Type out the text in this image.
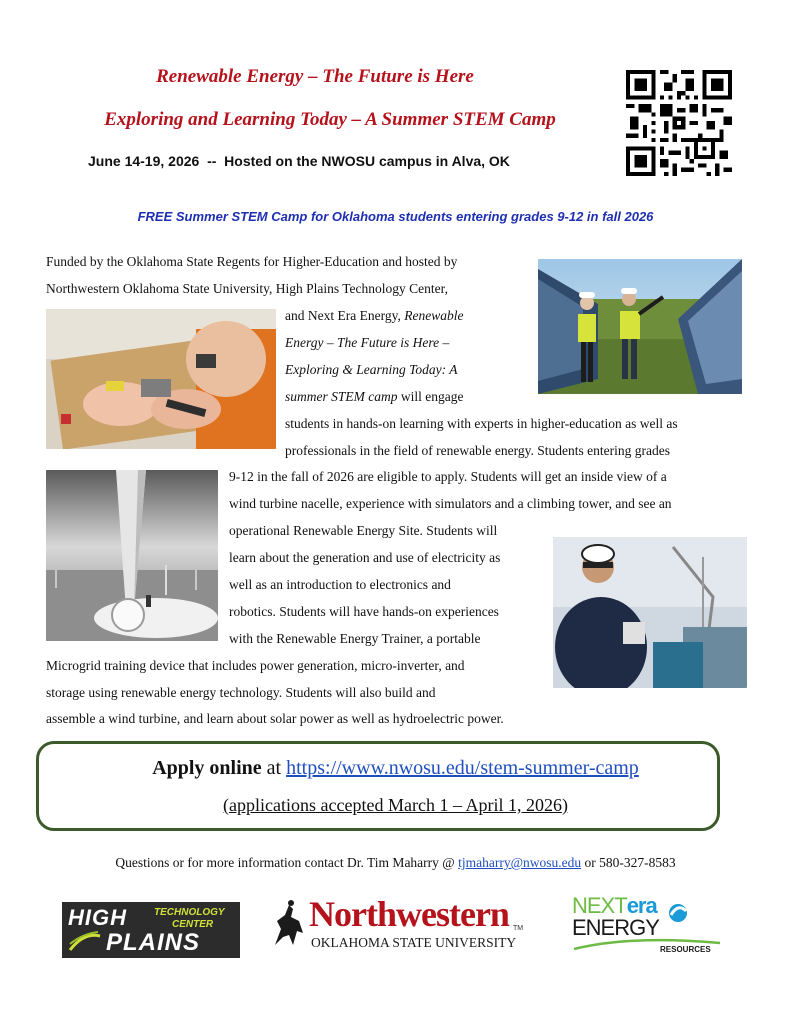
Renewable Energy – The Future is Here
Exploring and Learning Today – A Summer STEM Camp
June 14-19, 2026  --  Hosted on the NWOSU campus in Alva, OK
FREE Summer STEM Camp for Oklahoma students entering grades 9-12 in fall 2026
Funded by the Oklahoma State Regents for Higher-Education and hosted by
Northwestern Oklahoma State University, High Plains Technology Center,
and Next Era Energy, Renewable
Energy – The Future is Here –
Exploring & Learning Today: A
summer STEM camp will engage
students in hands-on learning with experts in higher-education as well as
professionals in the field of renewable energy. Students entering grades
9-12 in the fall of 2026 are eligible to apply. Students will get an inside view of a
wind turbine nacelle, experience with simulators and a climbing tower, and see an
operational Renewable Energy Site. Students will
learn about the generation and use of electricity as
well as an introduction to electronics and
robotics. Students will have hands-on experiences
with the Renewable Energy Trainer, a portable
Microgrid training device that includes power generation, micro-inverter, and
storage using renewable energy technology. Students will also build and
assemble a wind turbine, and learn about solar power as well as hydroelectric power.
Apply online at https://www.nwosu.edu/stem-summer-camp
(applications accepted March 1 – April 1, 2026)
Questions or for more information contact Dr. Tim Maharry @ tjmaharry@nwosu.edu or 580-327-8583
HIGH	TECHNOLOGY
CENTER
PLAINS
Northwestern TM
OKLAHOMA STATE UNIVERSITY
NEXTera
ENERGY
RESOURCES
